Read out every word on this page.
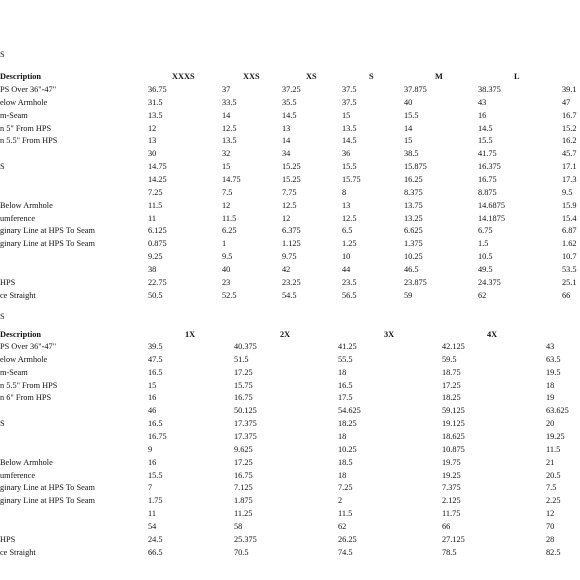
S
Description	XXXS	XXS	XS	S	M	L
PS Over 36"-47"	36.75	37	37.25	37.5	37.875	38.375	39.1
elow Armhole	31.5	33.5	35.5	37.5	40	43	47
m-Seam	13.5	14	14.5	15	15.5	16	16.7
n 5" From HPS	12	12.5	13	13.5	14	14.5	15.2
n 5.5" From HPS	13	13.5	14	14.5	15	15.5	16.2
30	32	34	36	38.5	41.75	45.7
S	14.75	15	15.25	15.5	15.875	16.375	17.1
14.25	14.75	15.25	15.75	16.25	16.75	17.3
7.25	7.5	7.75	8	8.375	8.875	9.5
Below Armhole	11.5	12	12.5	13	13.75	14.6875	15.9
umference	11	11.5	12	12.5	13.25	14.1875	15.4
ginary Line at HPS To Seam	6.125	6.25	6.375	6.5	6.625	6.75	6.87
ginary Line at HPS To Seam	0.875	1	1.125	1.25	1.375	1.5	1.62
9.25	9.5	9.75	10	10.25	10.5	10.7
38	40	42	44	46.5	49.5	53.5
HPS	22.75	23	23.25	23.5	23.875	24.375	25.1
ce Straight	50.5	52.5	54.5	56.5	59	62	66
S
Description	1X	2X	3X	4X
PS Over 36"-47"	39.5	40.375	41.25	42.125	43
elow Armhole	47.5	51.5	55.5	59.5	63.5
m-Seam	16.5	17.25	18	18.75	19.5
n 5.5" From HPS	15	15.75	16.5	17.25	18
n 6" From HPS	16	16.75	17.5	18.25	19
46	50.125	54.625	59.125	63.625
S	16.5	17.375	18.25	19.125	20
16.75	17.375	18	18.625	19.25
9	9.625	10.25	10.875	11.5
Below Armhole	16	17.25	18.5	19.75	21
umference	15.5	16.75	18	19.25	20.5
ginary Line at HPS To Seam	7	7.125	7.25	7.375	7.5
ginary Line at HPS To Seam	1.75	1.875	2	2.125	2.25
11	11.25	11.5	11.75	12
54	58	62	66	70
HPS	24.5	25.375	26.25	27.125	28
ce Straight	66.5	70.5	74.5	78.5	82.5
